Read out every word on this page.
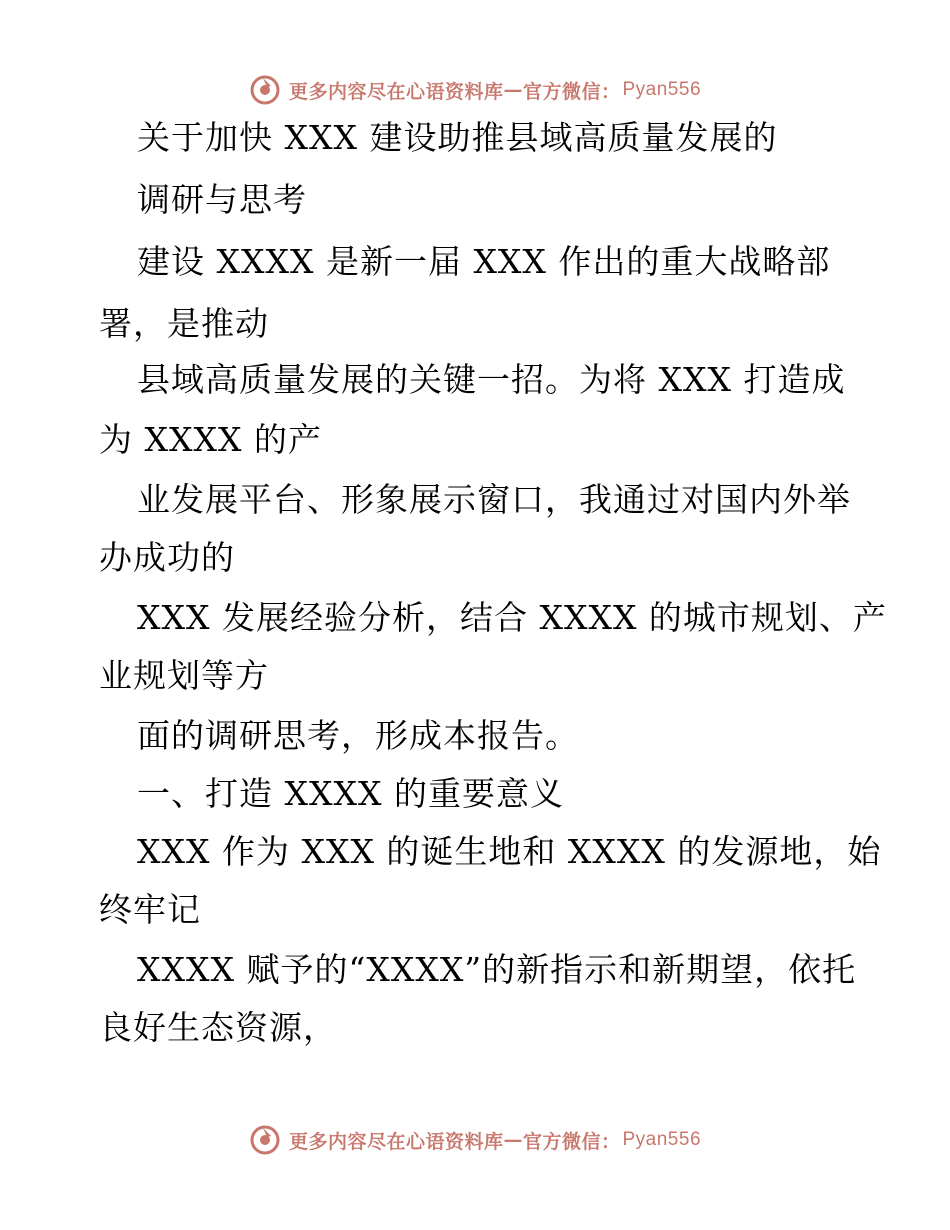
更多内容尽在心语资料库 — 官方微信： Pyan556
关于加快 XXX 建设助推县域高质量发展的
调研与思考
建设 XXXX 是新一届 XXX 作出的重大战略部
署，是推动
县域高质量发展的关键一招。为将 XXX 打造成
为 XXXX 的产
业发展平台、形象展示窗口，我通过对国内外举
办成功的
XXX 发展经验分析，结合 XXXX 的城市规划、产
业规划等方
面的调研思考，形成本报告。
一、打造 XXXX 的重要意义
XXX 作为 XXX 的诞生地和 XXXX 的发源地，始
终牢记
XXXX 赋予的“XXXX”的新指示和新期望，依托
良好生态资源，
更多内容尽在心语资料库 — 官方微信： Pyan556
